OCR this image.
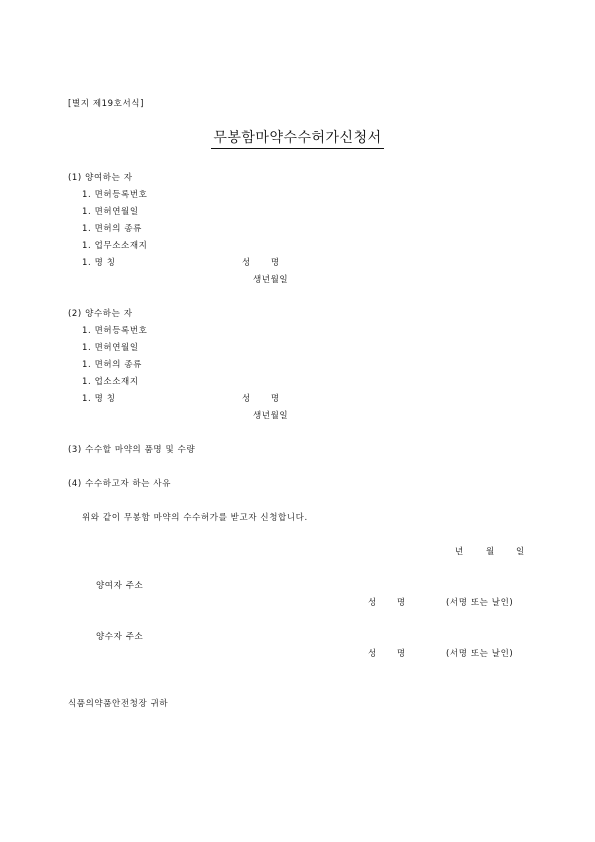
[별지 제19호서식]
무봉함마약수수허가신청서
(1) 양여하는 자
1. 면허등록번호
1. 면허연월일
1. 면허의 종류
1. 업무소소재지
1. 명 칭	성 명
생년월일
(2) 양수하는 자
1. 면허등록번호
1. 면허연월일
1. 면허의 종류
1. 업소소재지
1. 명 칭	성 명
생년월일
(3) 수수할 마약의 품명 및 수량
(4) 수수하고자 하는 사유
위와 같이 무봉함 마약의 수수허가를 받고자 신청합니다.
년	월 일
양여자 주소
성 명	(서명 또는 날인)
양수자 주소
성 명	(서명 또는 날인)
식품의약품안전청장 귀하
